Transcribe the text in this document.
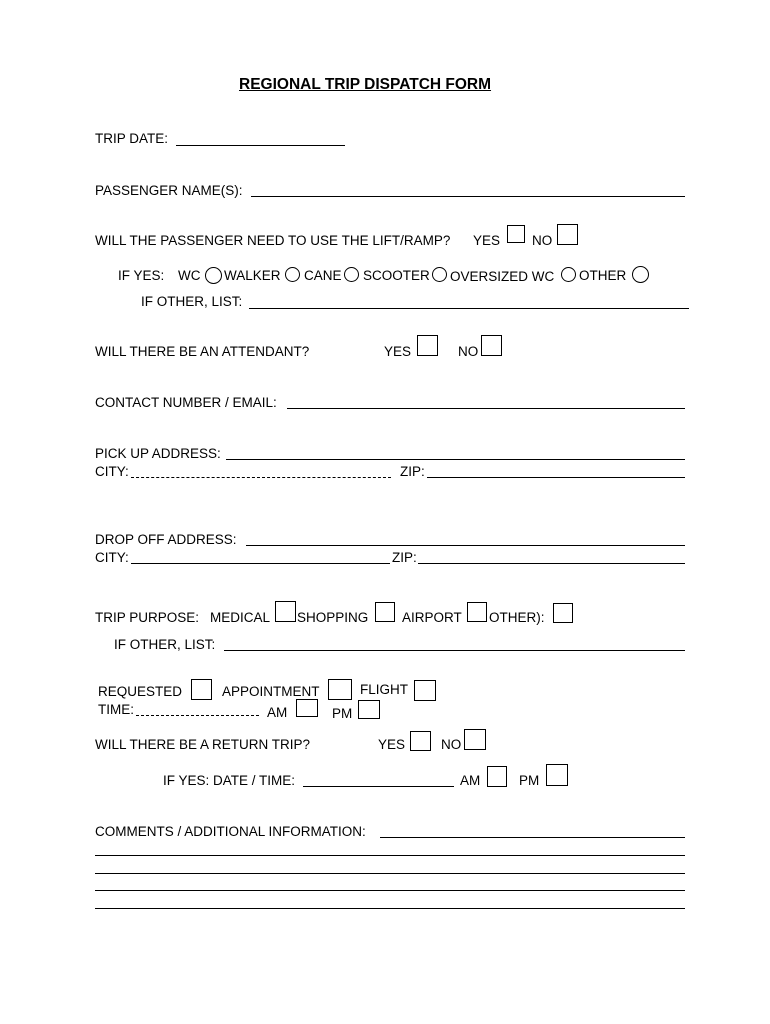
REGIONAL TRIP DISPATCH FORM
TRIP DATE:
PASSENGER NAME(S):
WILL THE PASSENGER NEED TO USE THE LIFT/RAMP? YES NO
IF YES: WC WALKER CANE SCOOTER OVERSIZED WC OTHER
IF OTHER, LIST:
WILL THERE BE AN ATTENDANT?	YES	NO
CONTACT NUMBER / EMAIL:
PICK UP ADDRESS:
CITY:	ZIP:
DROP OFF ADDRESS:
CITY:	ZIP:
TRIP PURPOSE: MEDICAL SHOPPING AIRPORT OTHER):
IF OTHER, LIST:
REQUESTED	APPOINTMENT	FLIGHT
TIME:	AM	PM
WILL THERE BE A RETURN TRIP?	YES	NO
IF YES: DATE / TIME:	AM	PM
COMMENTS / ADDITIONAL INFORMATION:
